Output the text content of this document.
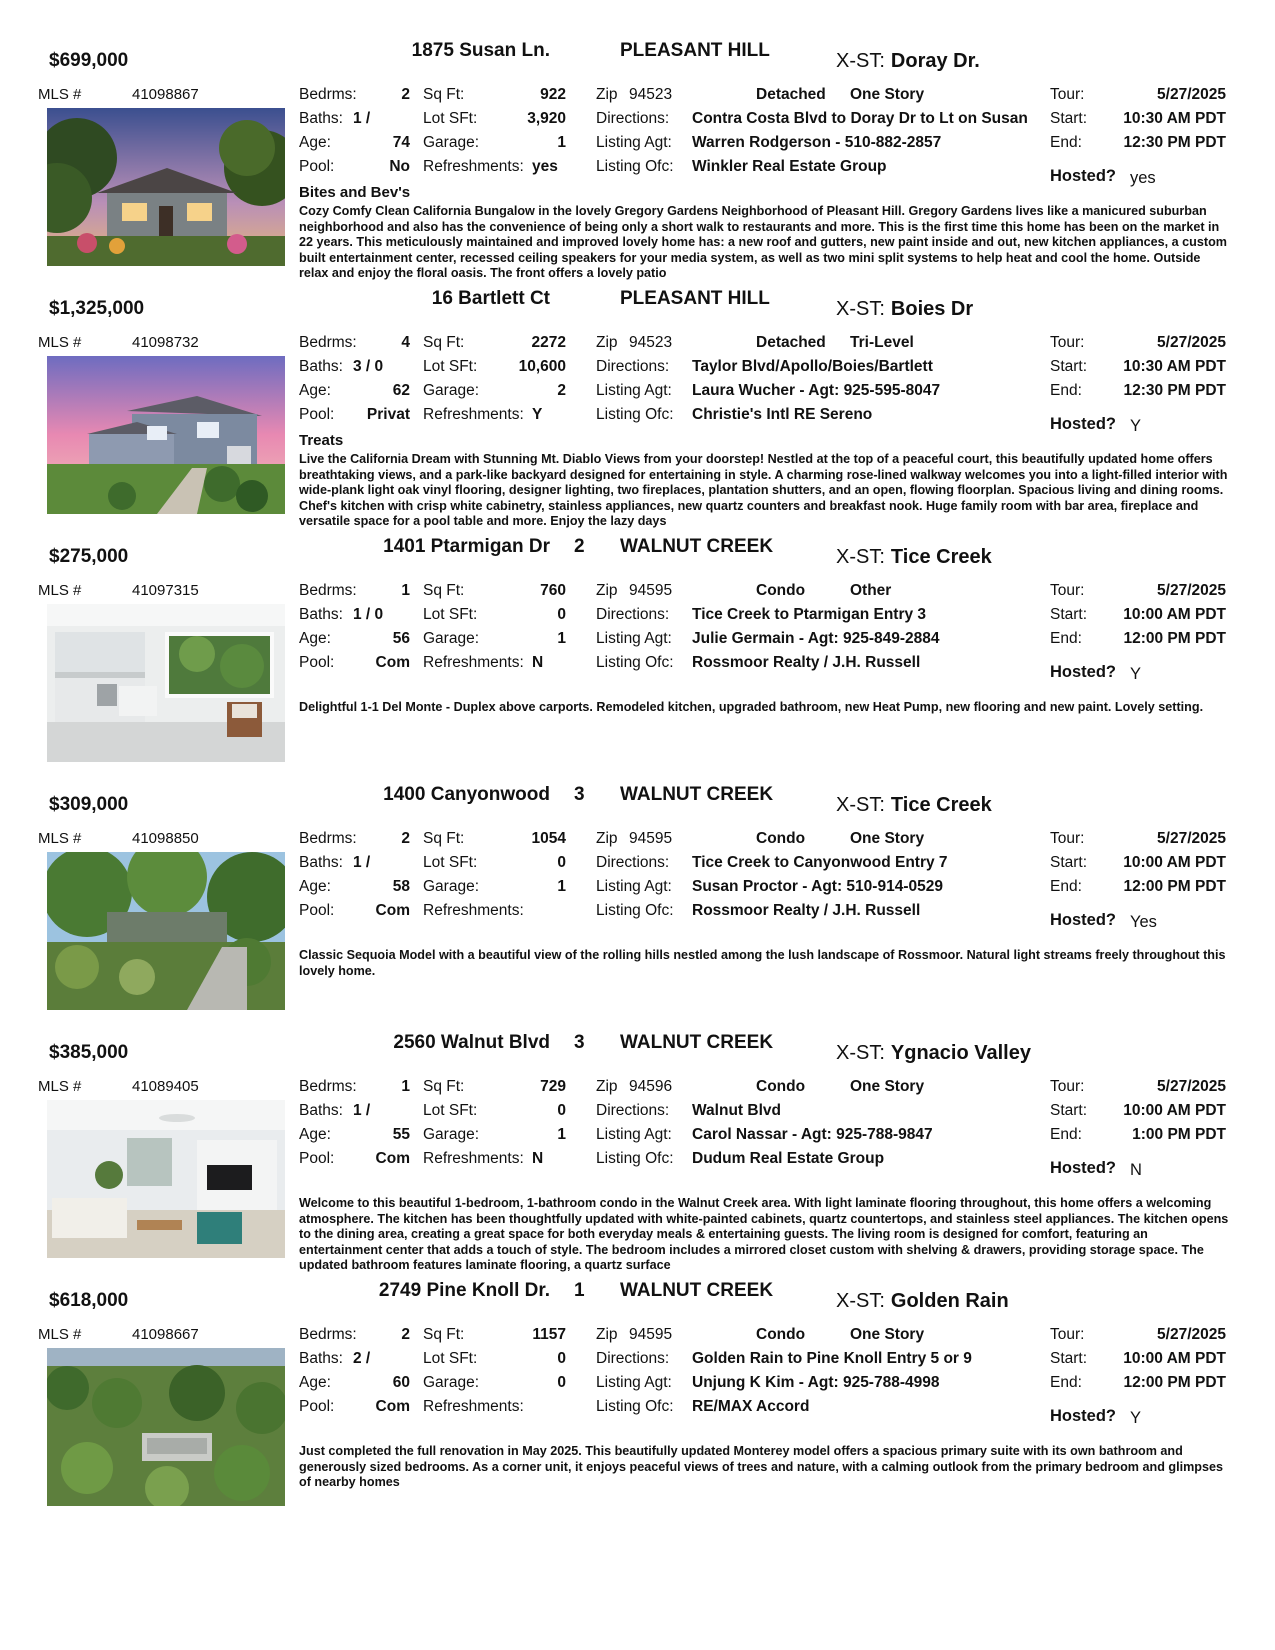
$699,000	1875 Susan Ln.	PLEASANT HILL	X-ST: Doray Dr.
MLS #	41098867	Bedrms:	2 Sq Ft:	922 Zip 94523	Detached One Story	Tour:	5/27/2025
Baths: 1 /	Lot SFt:	3,920 Directions: Contra Costa Blvd to Doray Dr to Lt on Susan Start:	10:30 AM PDT
Age:	74 Garage:	1 Listing Agt: Warren Rodgerson - 510-882-2857	End:	12:30 PM PDT
Pool:	No Refreshments: yes Listing Ofc: Winkler Real Estate Group
Hosted? yes
Bites and Bev's
Cozy Comfy Clean California Bungalow in the lovely Gregory Gardens Neighborhood of Pleasant Hill. Gregory Gardens lives like a manicured suburban neighborhood and also has the convenience of being only a short walk to restaurants and more. This is the first time this home has been on the market in 22 years. This meticulously maintained and improved lovely home has: a new roof and gutters, new paint inside and out, new kitchen appliances, a custom built entertainment center, recessed ceiling speakers for your media system, as well as two mini split systems to help heat and cool the home. Outside relax and enjoy the floral oasis. The front offers a lovely patio
$1,325,000	16 Bartlett Ct	PLEASANT HILL	X-ST: Boies Dr
MLS #	41098732	Bedrms:	4 Sq Ft:	2272 Zip 94523	Detached Tri-Level	Tour:	5/27/2025
Baths: 3 / 0	Lot SFt:	10,600 Directions: Taylor Blvd/Apollo/Boies/Bartlett	Start:	10:30 AM PDT
Age:	62 Garage:	2 Listing Agt: Laura Wucher - Agt: 925-595-8047	End:	12:30 PM PDT
Pool:	Privat Refreshments: Y	Listing Ofc: Christie's Intl RE Sereno
Hosted? Y
Treats
Live the California Dream with Stunning Mt. Diablo Views from your doorstep! Nestled at the top of a peaceful court, this beautifully updated home offers breathtaking views, and a park-like backyard designed for entertaining in style. A charming rose-lined walkway welcomes you into a light-filled interior with wide-plank light oak vinyl flooring, designer lighting, two fireplaces, plantation shutters, and an open, flowing floorplan. Spacious living and dining rooms. Chef's kitchen with crisp white cabinetry, stainless appliances, new quartz counters and breakfast nook. Huge family room with bar area, fireplace and versatile space for a pool table and more. Enjoy the lazy days
$275,000	1401 Ptarmigan Dr 2 WALNUT CREEK	X-ST: Tice Creek
MLS #	41097315	Bedrms:	1 Sq Ft:	760 Zip 94595	Condo	Other	Tour:	5/27/2025
Baths: 1 / 0	Lot SFt:	0 Directions: Tice Creek to Ptarmigan Entry 3	Start:	10:00 AM PDT
Age:	56 Garage:	1 Listing Agt: Julie Germain - Agt: 925-849-2884	End:	12:00 PM PDT
Pool:	Com Refreshments: N	Listing Ofc: Rossmoor Realty / J.H. Russell
Hosted? Y
Delightful 1-1 Del Monte - Duplex above carports. Remodeled kitchen, upgraded bathroom, new Heat Pump, new flooring and new paint. Lovely setting.
$309,000	1400 Canyonwood 3 WALNUT CREEK	X-ST: Tice Creek
MLS #	41098850	Bedrms:	2 Sq Ft:	1054 Zip 94595	Condo	One Story	Tour:	5/27/2025
Baths: 1 /	Lot SFt:	0 Directions: Tice Creek to Canyonwood Entry 7	Start:	10:00 AM PDT
Age:	58 Garage:	1 Listing Agt: Susan Proctor - Agt: 510-914-0529	End:	12:00 PM PDT
Pool:	Com Refreshments:	Listing Ofc: Rossmoor Realty / J.H. Russell
Hosted? Yes
Classic Sequoia Model with a beautiful view of the rolling hills nestled among the lush landscape of Rossmoor. Natural light streams freely throughout this lovely home.
$385,000	2560 Walnut Blvd 3 WALNUT CREEK	X-ST: Ygnacio Valley
MLS #	41089405	Bedrms:	1 Sq Ft:	729 Zip 94596	Condo	One Story	Tour:	5/27/2025
Baths: 1 /	Lot SFt:	0 Directions: Walnut Blvd	Start:	10:00 AM PDT
Age:	55 Garage:	1 Listing Agt: Carol Nassar - Agt: 925-788-9847	End:	1:00 PM PDT
Pool:	Com Refreshments: N	Listing Ofc: Dudum Real Estate Group
Hosted? N
Welcome to this beautiful 1-bedroom, 1-bathroom condo in the Walnut Creek area. With light laminate flooring throughout, this home offers a welcoming atmosphere. The kitchen has been thoughtfully updated with white-painted cabinets, quartz countertops, and stainless steel appliances. The kitchen opens to the dining area, creating a great space for both everyday meals & entertaining guests. The living room is designed for comfort, featuring an entertainment center that adds a touch of style. The bedroom includes a mirrored closet custom with shelving & drawers, providing storage space. The updated bathroom features laminate flooring, a quartz surface
$618,000	2749 Pine Knoll Dr. 1 WALNUT CREEK	X-ST: Golden Rain
MLS #	41098667	Bedrms:	2 Sq Ft:	1157 Zip 94595	Condo	One Story	Tour:	5/27/2025
Baths: 2 /	Lot SFt:	0 Directions: Golden Rain to Pine Knoll Entry 5 or 9	Start:	10:00 AM PDT
Age:	60 Garage:	0 Listing Agt: Unjung K Kim - Agt: 925-788-4998	End:	12:00 PM PDT
Pool:	Com Refreshments:	Listing Ofc: RE/MAX Accord
Hosted? Y
Just completed the full renovation in May 2025. This beautifully updated Monterey model offers a spacious primary suite with its own bathroom and generously sized bedrooms. As a corner unit, it enjoys peaceful views of trees and nature, with a calming outlook from the primary bedroom and glimpses of nearby homes
